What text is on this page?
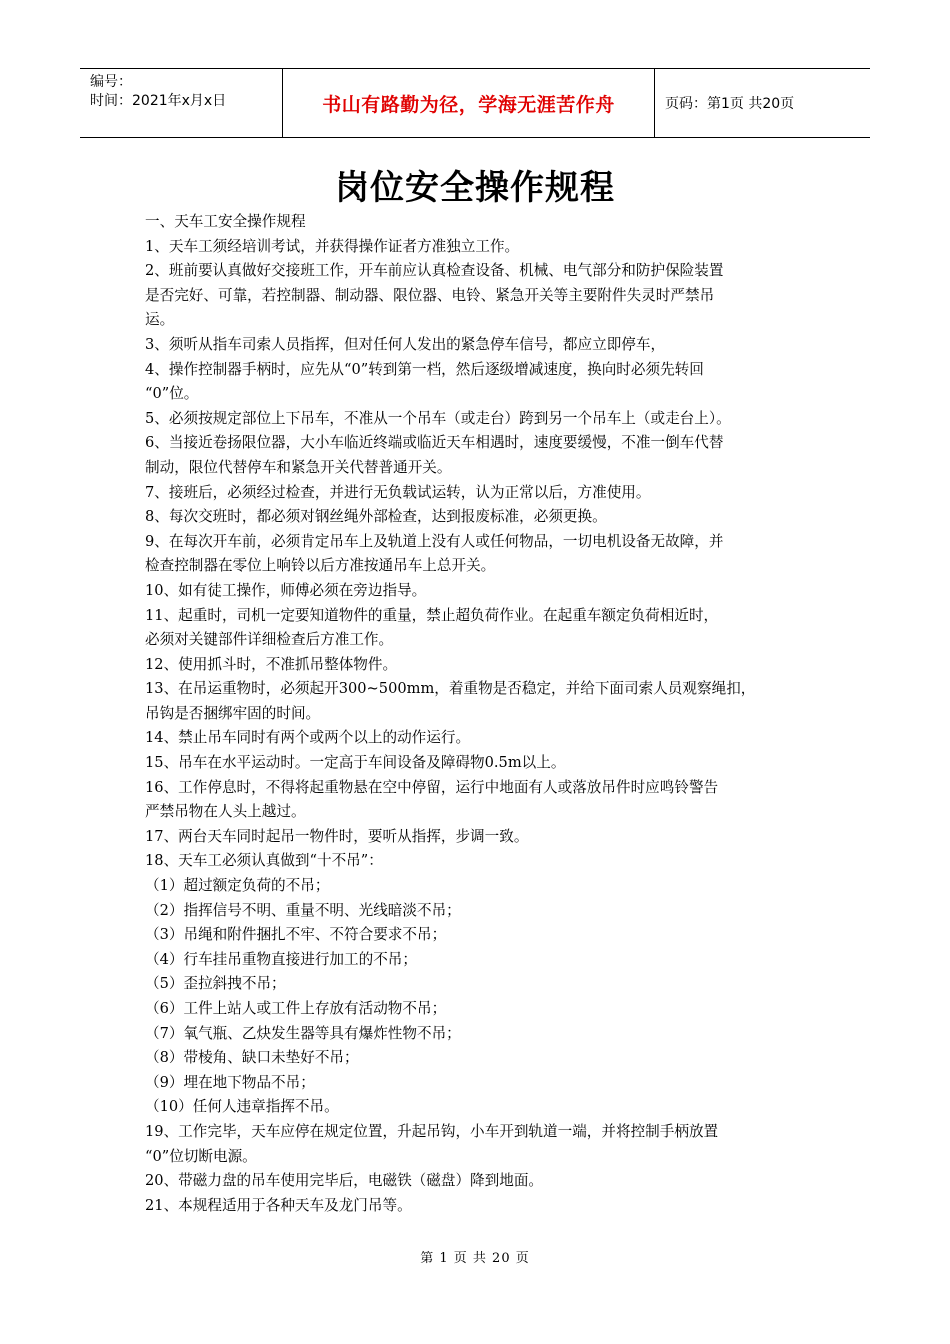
编号：
时间：2021年x月x日	书山有路勤为径，学海无涯苦作舟	页码：第1页 共20页
岗位安全操作规程

一、天车工安全操作规程

1、天车工须经培训考试，并获得操作证者方准独立工作。

2、班前要认真做好交接班工作，开车前应认真检查设备、机械、电气部分和防护保险装置

是否完好、可靠，若控制器、制动器、限位器、电铃、紧急开关等主要附件失灵时严禁吊

运。

3、须听从指车司索人员指挥，但对任何人发出的紧急停车信号，都应立即停车，

4、操作控制器手柄时，应先从“0”转到第一档，然后逐级增减速度，换向时必须先转回

“0”位。

5、必须按规定部位上下吊车，不准从一个吊车（或走台）跨到另一个吊车上（或走台上）。

6、当接近卷扬限位器，大小车临近终端或临近天车相遇时，速度要缓慢，不准一倒车代替

制动，限位代替停车和紧急开关代替普通开关。

7、接班后，必须经过检查，并进行无负载试运转，认为正常以后，方准使用。

8、每次交班时，都必须对钢丝绳外部检查，达到报废标准，必须更换。

9、在每次开车前，必须肯定吊车上及轨道上没有人或任何物品，一切电机设备无故障，并

检查控制器在零位上响铃以后方准按通吊车上总开关。

10、如有徒工操作，师傅必须在旁边指导。

11、起重时，司机一定要知道物件的重量，禁止超负荷作业。在起重车额定负荷相近时，

必须对关键部件详细检查后方准工作。

12、使用抓斗时，不准抓吊整体物件。

13、在吊运重物时，必须起开300~500mm，着重物是否稳定，并给下面司索人员观察绳扣，

吊钩是否捆绑牢固的时间。

14、禁止吊车同时有两个或两个以上的动作运行。

15、吊车在水平运动时。一定高于车间设备及障碍物0.5m以上。

16、工作停息时，不得将起重物悬在空中停留，运行中地面有人或落放吊件时应鸣铃警告

严禁吊物在人头上越过。

17、两台天车同时起吊一物件时，要听从指挥，步调一致。

18、天车工必须认真做到“十不吊”：

（1）超过额定负荷的不吊；

（2）指挥信号不明、重量不明、光线暗淡不吊；

（3）吊绳和附件捆扎不牢、不符合要求不吊；

（4）行车挂吊重物直接进行加工的不吊；

（5）歪拉斜拽不吊；

（6）工件上站人或工件上存放有活动物不吊；

（7）氧气瓶、乙炔发生器等具有爆炸性物不吊；

（8）带棱角、缺口未垫好不吊；

（9）埋在地下物品不吊；

（10）任何人违章指挥不吊。

19、工作完毕，天车应停在规定位置，升起吊钩，小车开到轨道一端，并将控制手柄放置

“0”位切断电源。

20、带磁力盘的吊车使用完毕后，电磁铁（磁盘）降到地面。

21、本规程适用于各种天车及龙门吊等。

第 1 页 共 20 页
